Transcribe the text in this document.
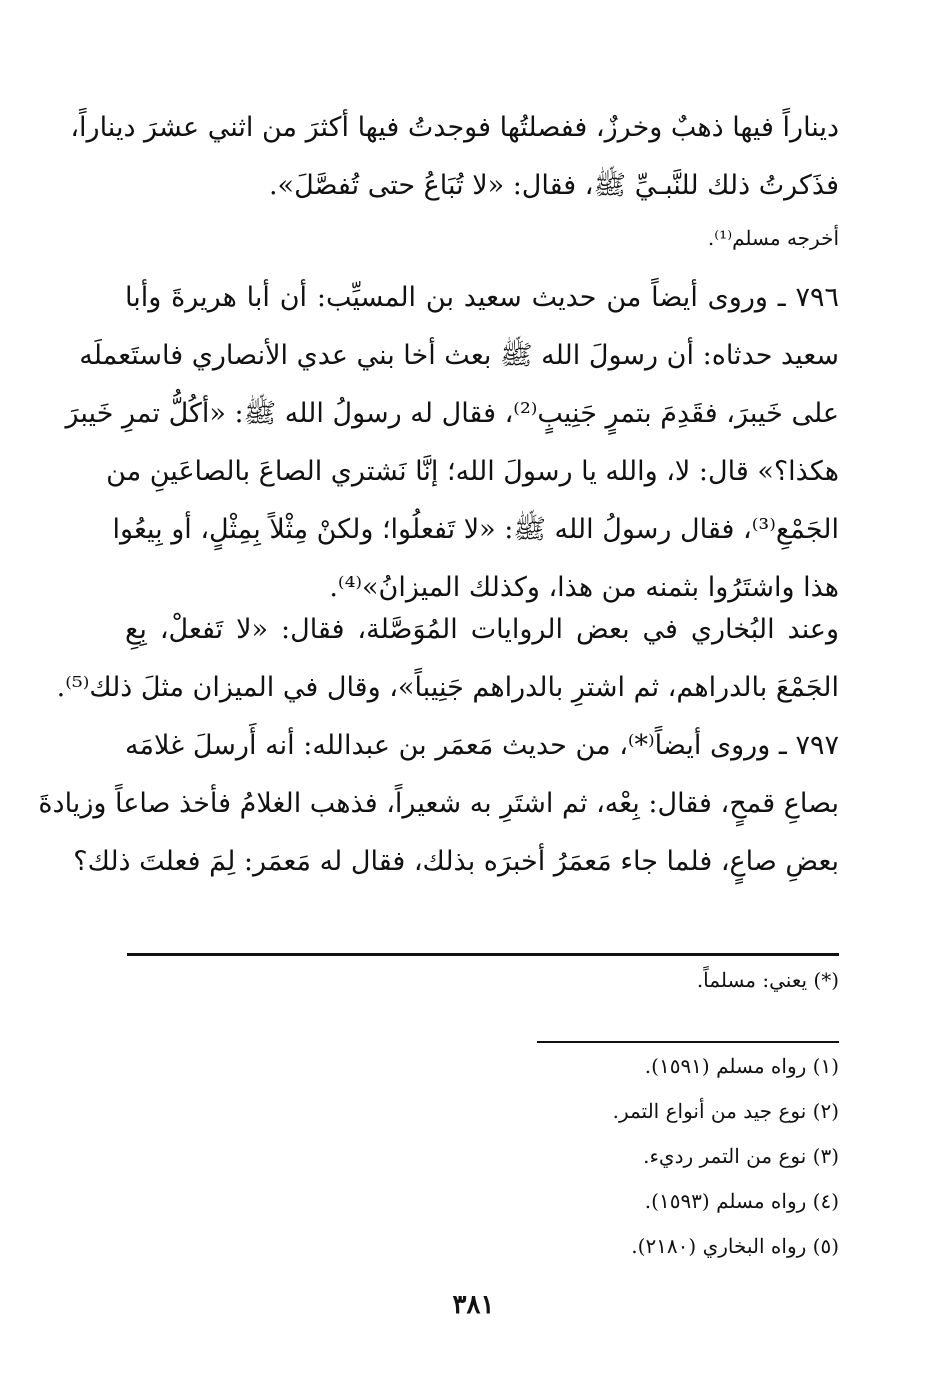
ديناراً فيها ذهبٌ وخرزٌ، ففصلتُها فوجدتُ فيها أكثرَ من اثني عشرَ ديناراً،
فذَكرتُ ذلك للنَّبـيِّ ﷺ، فقال: «لا تُبَاعُ حتى تُفصَّلَ».
أخرجه مسلم⁽¹⁾.
٧٩٦ ـ وروى أيضاً من حديث سعيد بن المسيِّب: أن أبا هريرةَ وأبا
سعيد حدثاه: أن رسولَ الله ﷺ بعث أخا بني عدي الأنصاري فاستَعملَه
على خَيبرَ، فقَدِمَ بتمرٍ جَنِيبٍ⁽²⁾، فقال له رسولُ الله ﷺ: «أكُلُّ تمرِ خَيبرَ
هكذا؟» قال: لا، والله يا رسولَ الله؛ إنَّا نَشتري الصاعَ بالصاعَينِ من
الجَمْعِ⁽³⁾، فقال رسولُ الله ﷺ: «لا تَفعلُوا؛ ولكنْ مِثْلاً بِمِثْلٍ، أو بِيعُوا
هذا واشتَرُوا بثمنه من هذا، وكذلك الميزانُ»⁽⁴⁾.
وعند البُخاري في بعض الروايات المُوَصَّلة، فقال: «لا تَفعلْ، بِعِ
الجَمْعَ بالدراهم، ثم اشترِ بالدراهم جَنِيباً»، وقال في الميزان مثلَ ذلك⁽⁵⁾.
٧٩٧ ـ وروى أيضاً⁽*⁾، من حديث مَعمَر بن عبدالله: أنه أَرسلَ غلامَه
بصاعِ قمحٍ، فقال: بِعْه، ثم اشتَرِ به شعيراً، فذهب الغلامُ فأخذ صاعاً وزيادةَ
بعضِ صاعٍ، فلما جاء مَعمَرُ أخبرَه بذلك، فقال له مَعمَر: لِمَ فعلتَ ذلك؟
(*) يعني: مسلماً.
(١) رواه مسلم (١٥٩١).
(٢) نوع جيد من أنواع التمر.
(٣) نوع من التمر رديء.
(٤) رواه مسلم (١٥٩٣).
(٥) رواه البخاري (٢١٨٠).
٣٨١
